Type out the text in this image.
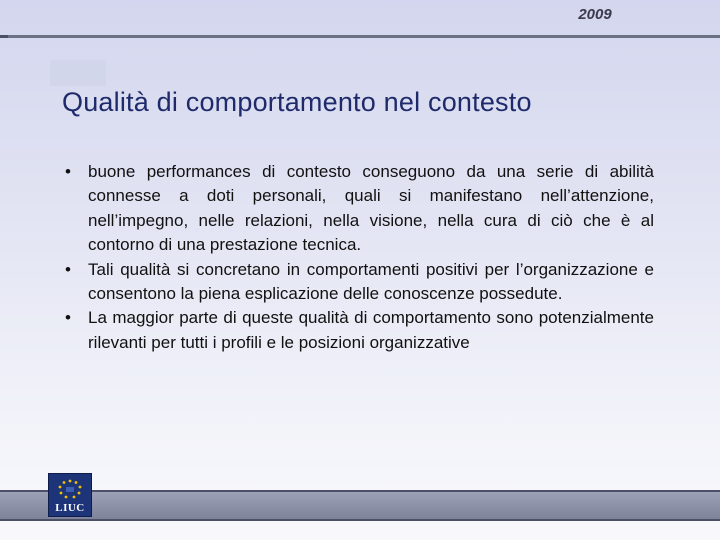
2009
Qualità di comportamento nel contesto
• buone performances di contesto conseguono da una serie di abilità connesse a doti personali, quali si manifestano nell’attenzione, nell’impegno, nelle relazioni, nella visione, nella cura di ciò che è al contorno di una prestazione tecnica.
• Tali qualità si concretano in comportamenti positivi per l’organizzazione e consentono la piena esplicazione delle conoscenze possedute.
• La maggior parte di queste qualità di comportamento sono potenzialmente rilevanti per tutti i profili e le posizioni organizzative
LIUC
